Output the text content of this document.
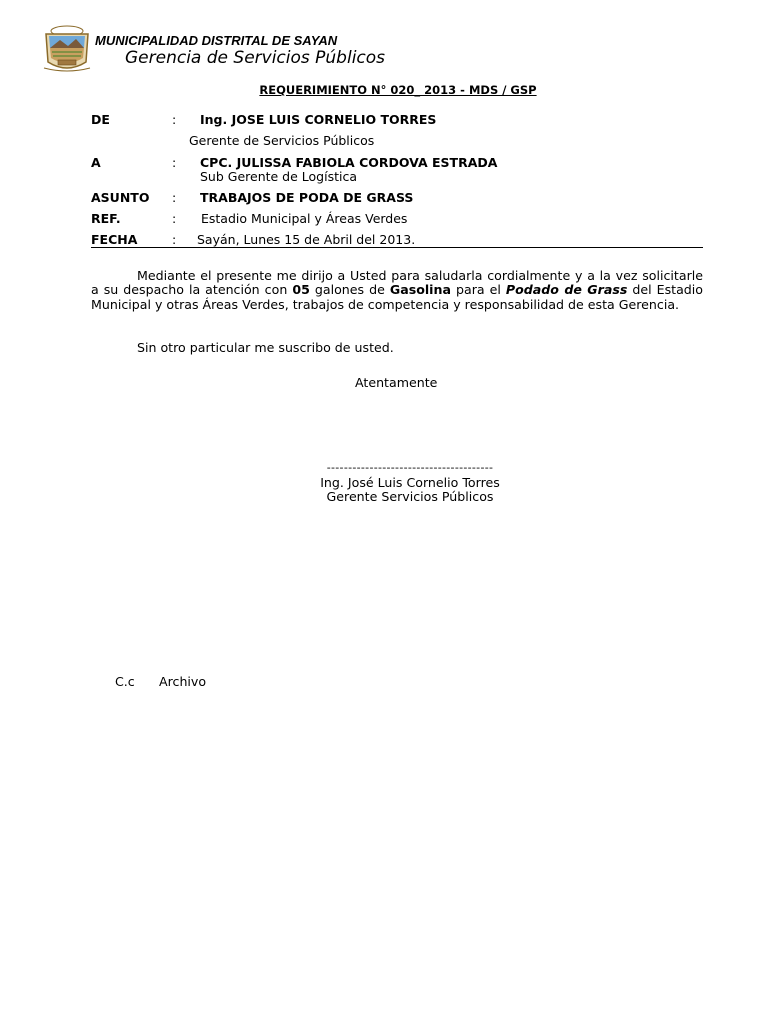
MUNICIPALIDAD DISTRITAL DE SAYAN
Gerencia de Servicios Públicos
REQUERIMIENTO N° 020_ 2013 - MDS / GSP
DE	: Ing. JOSE LUIS CORNELIO TORRES
Gerente de Servicios Públicos
A	: CPC. JULISSA FABIOLA CORDOVA ESTRADA
Sub Gerente de Logística
ASUNTO : TRABAJOS DE PODA DE GRASS
REF.	: Estadio Municipal y Áreas Verdes
FECHA	: Sayán, Lunes 15 de Abril del 2013.
Mediante el presente me dirijo a Usted para saludarla cordialmente y a la vez solicitarle a su despacho la atención con 05 galones de Gasolina para el Podado de Grass del Estadio Municipal y otras Áreas Verdes, trabajos de competencia y responsabilidad de esta Gerencia.
Sin otro particular me suscribo de usted.
Atentamente
---------------------------------------
Ing. José Luis Cornelio Torres
Gerente Servicios Públicos
C.c Archivo
